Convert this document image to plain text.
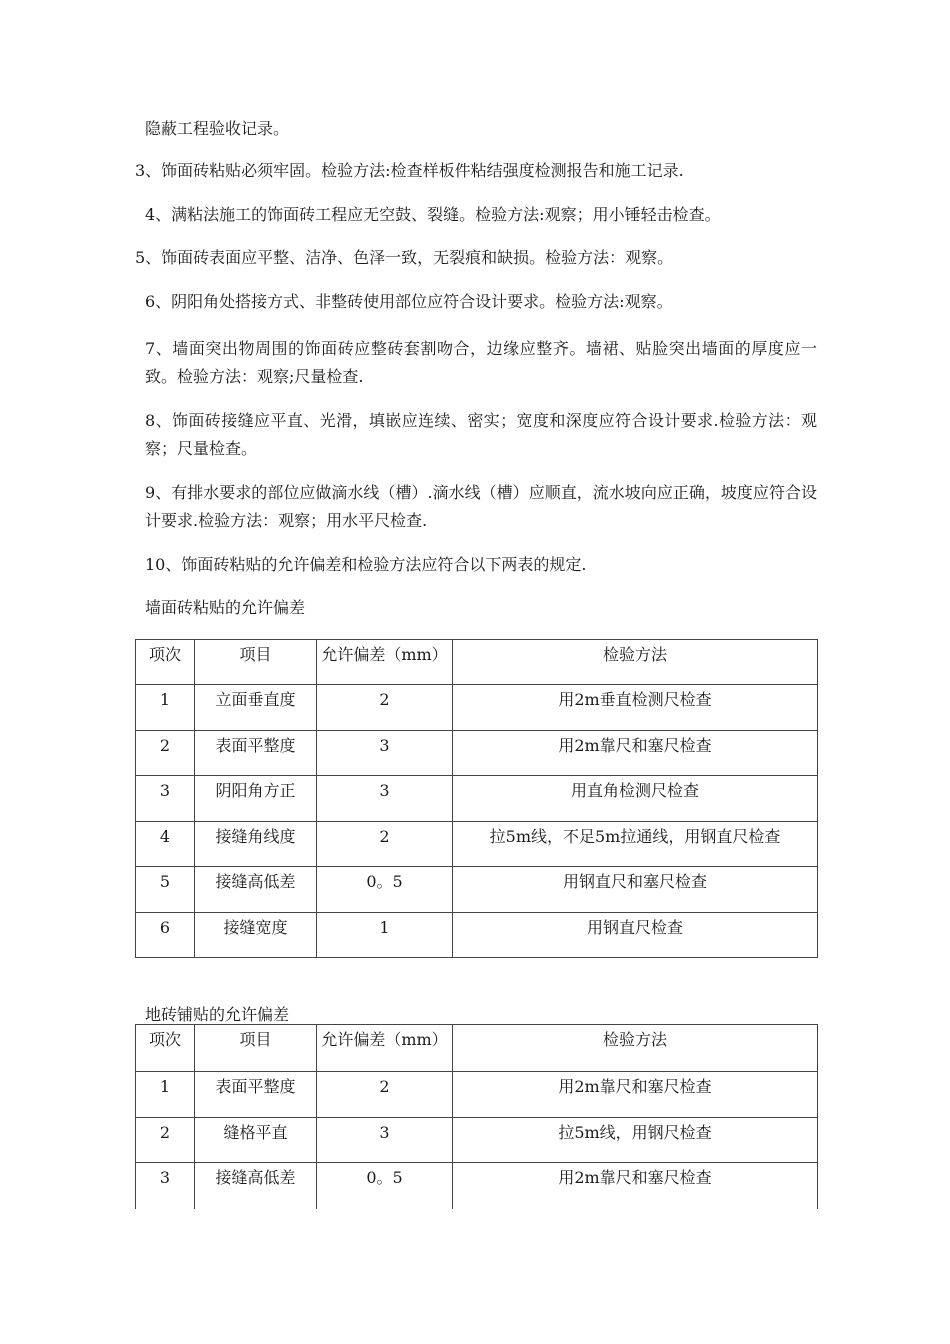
隐蔽工程验收记录。
3、饰面砖粘贴必须牢固。检验方法:检查样板件粘结强度检测报告和施工记录.
4、满粘法施工的饰面砖工程应无空鼓、裂缝。检验方法:观察；用小锤轻击检查。
5、饰面砖表面应平整、洁净、色泽一致，无裂痕和缺损。检验方法：观察。
6、阴阳角处搭接方式、非整砖使用部位应符合设计要求。检验方法:观察。
7、墙面突出物周围的饰面砖应整砖套割吻合，边缘应整齐。墙裙、贴脸突出墙面的厚度应一致。检验方法：观察;尺量检查.
8、饰面砖接缝应平直、光滑，填嵌应连续、密实；宽度和深度应符合设计要求.检验方法：观察；尺量检查。
9、有排水要求的部位应做滴水线（槽）.滴水线（槽）应顺直，流水坡向应正确，坡度应符合设计要求.检验方法：观察；用水平尺检查.
10、饰面砖粘贴的允许偏差和检验方法应符合以下两表的规定.
墙面砖粘贴的允许偏差
项次	项目	允许偏差（mm）	检验方法
1	立面垂直度	2	用2m垂直检测尺检查
2	表面平整度	3	用2m靠尺和塞尺检查
3	阴阳角方正	3	用直角检测尺检查
4	接缝角线度	2	拉5m线，不足5m拉通线，用钢直尺检查
5	接缝高低差	0。5	用钢直尺和塞尺检查
6	接缝宽度	1	用钢直尺检查
地砖铺贴的允许偏差
项次	项目	允许偏差（mm）	检验方法
1	表面平整度	2	用2m靠尺和塞尺检查
2	缝格平直	3	拉5m线，用钢尺检查
3	接缝高低差	0。5	用2m靠尺和塞尺检查
